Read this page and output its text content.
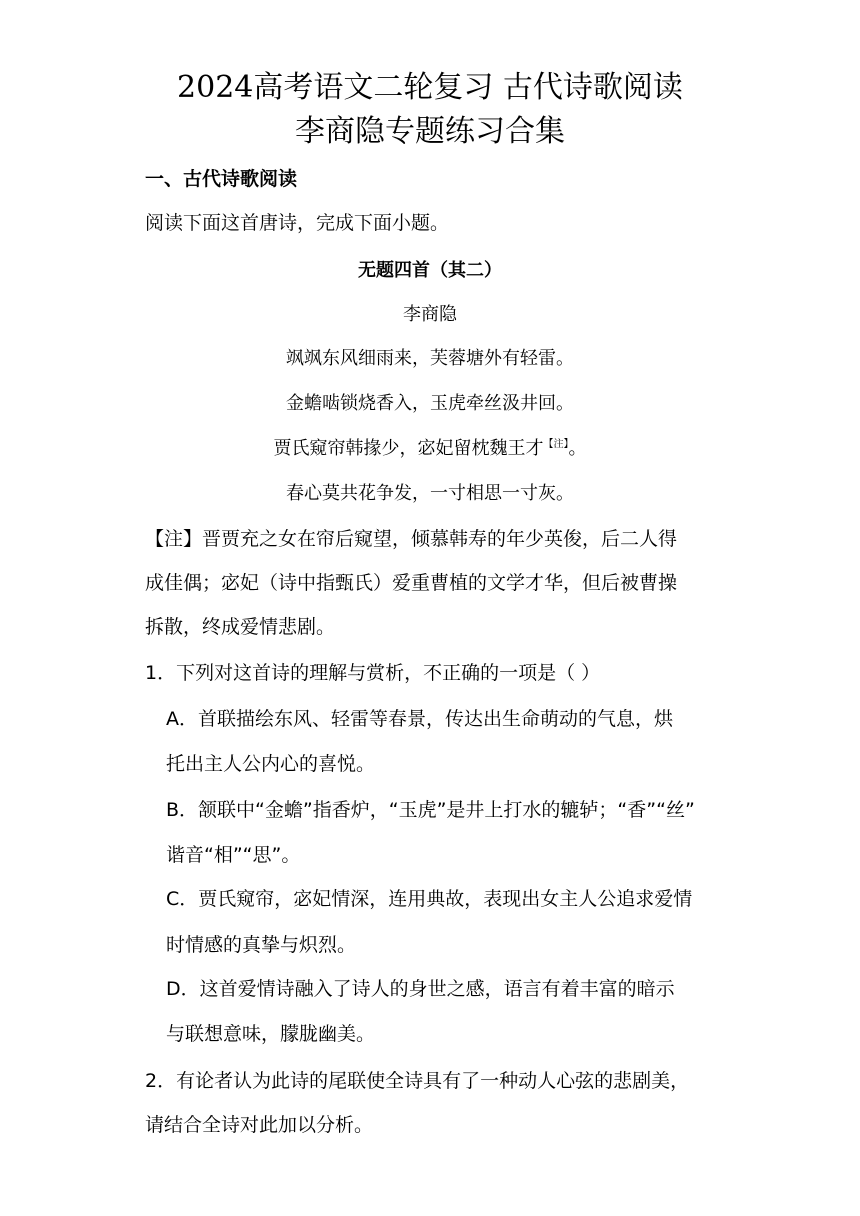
2024高考语文二轮复习 古代诗歌阅读
李商隐专题练习合集
一、古代诗歌阅读
阅读下面这首唐诗，完成下面小题。
无题四首（其二）
李商隐
飒飒东风细雨来，芙蓉塘外有轻雷。
金蟾啮锁烧香入，玉虎牵丝汲井回。
贾氏窥帘韩掾少，宓妃留枕魏王才$^{【注】}$。
春心莫共花争发，一寸相思一寸灰。
【注】晋贾充之女在帘后窥望，倾慕韩寿的年少英俊，后二人得
成佳偶；宓妃（诗中指甄氏）爱重曹植的文学才华，但后被曹操
拆散，终成爱情悲剧。
1．下列对这首诗的理解与赏析，不正确的一项是（ ）
A．首联描绘东风、轻雷等春景，传达出生命萌动的气息，烘
托出主人公内心的喜悦。
B．颔联中“金蟾”指香炉，“玉虎”是井上打水的辘轳；“香”“丝”
谐音“相”“思”。
C．贾氏窥帘，宓妃情深，连用典故，表现出女主人公追求爱情
时情感的真挚与炽烈。
D．这首爱情诗融入了诗人的身世之感，语言有着丰富的暗示
与联想意味，朦胧幽美。
2．有论者认为此诗的尾联使全诗具有了一种动人心弦的悲剧美，
请结合全诗对此加以分析。
